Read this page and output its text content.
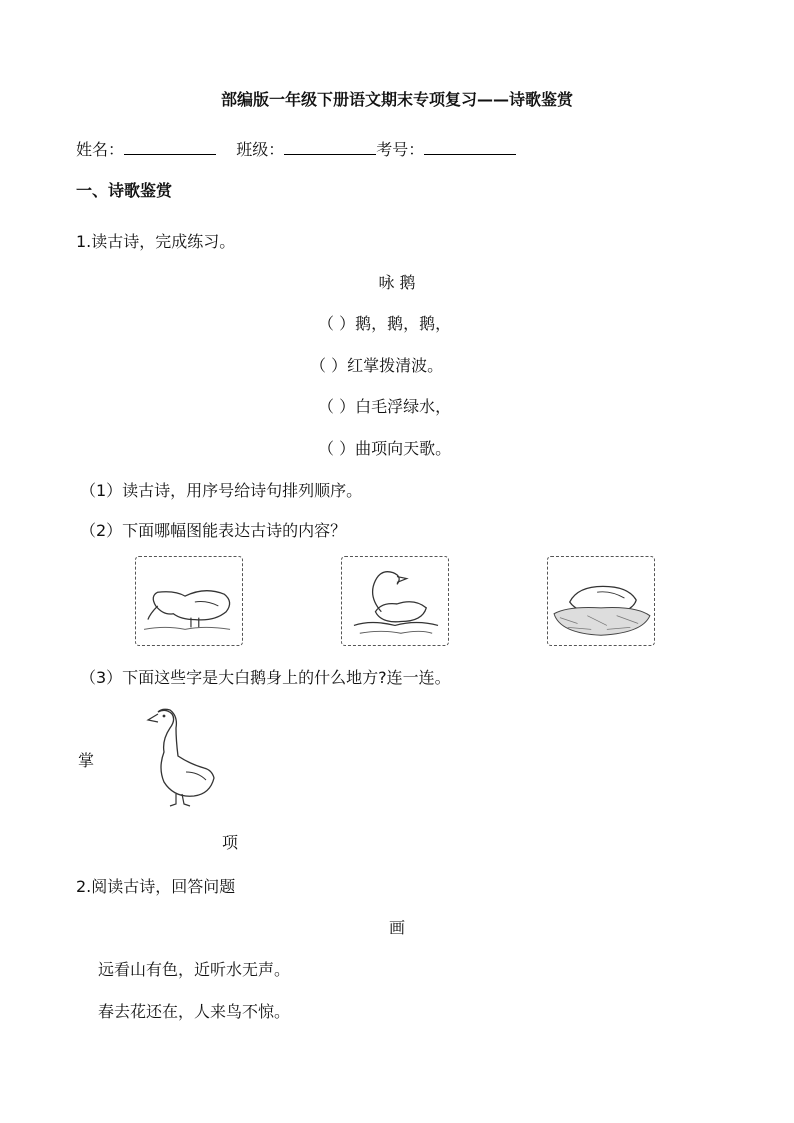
部编版一年级下册语文期末专项复习——诗歌鉴赏
姓名：	班级：	考号：
一、诗歌鉴赏
1.读古诗，完成练习。
咏 鹅
（ ）鹅，鹅，鹅，
（ ）红掌拨清波。
（ ）白毛浮绿水，
（ ）曲项向天歌。
（1）读古诗，用序号给诗句排列顺序。
（2）下面哪幅图能表达古诗的内容？
（3）下面这些字是大白鹅身上的什么地方?连一连。
掌
项
2.阅读古诗，回答问题
画
远看山有色，近听水无声。
春去花还在，人来鸟不惊。
